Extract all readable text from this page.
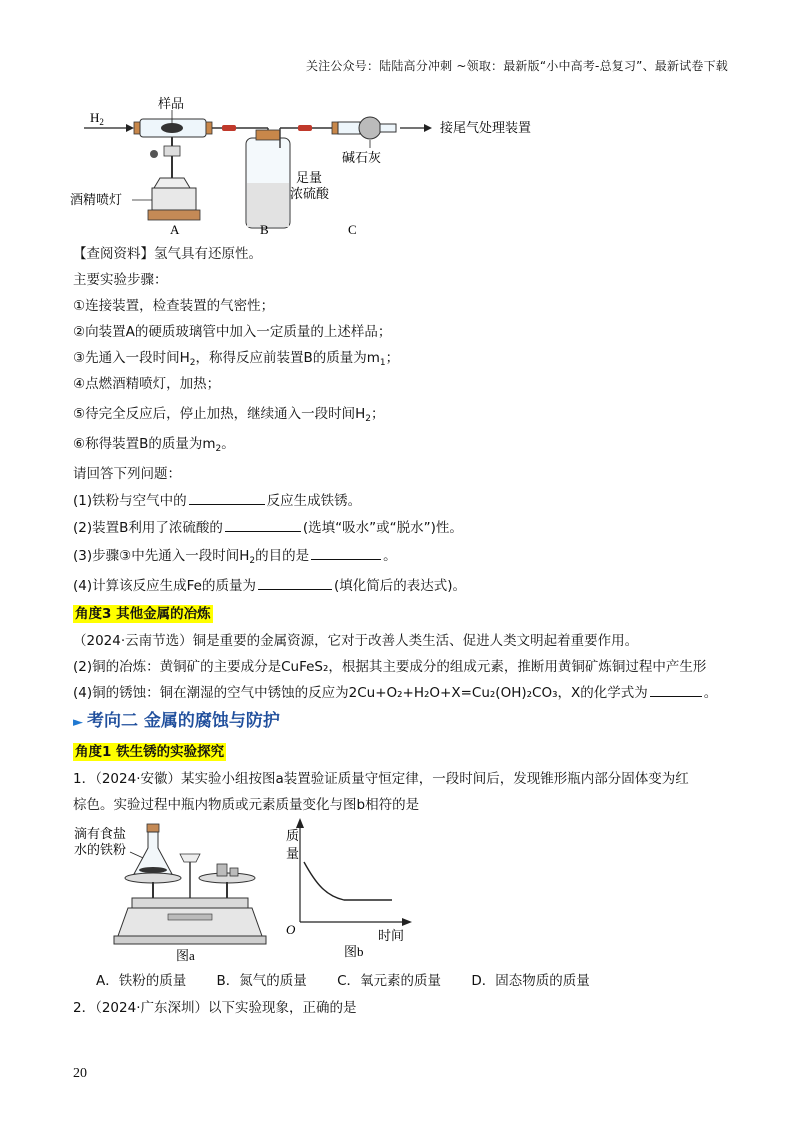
关注公众号：陆陆高分冲刺 ~领取：最新版“小中高考-总复习”、最新试卷下载
$H_2$
样品
酒精喷灯
足量
浓硫酸
碱石灰
接尾气处理装置
A	B	C
【查阅资料】氢气具有还原性。
主要实验步骤：
①连接装置，检查装置的气密性；
②向装置A的硬质玻璃管中加入一定质量的上述样品；
③先通入一段时间$H_2$，称得反应前装置B的质量为$m_1$；
④点燃酒精喷灯，加热；
⑤待完全反应后，停止加热，继续通入一段时间$H_2$；
⑥称得装置B的质量为$m_2$。
请回答下列问题：
(1)铁粉与空气中的	反应生成铁锈。
(2)装置B利用了浓硫酸的	(选填“吸水”或“脱水”)性。
(3)步骤③中先通入一段时间$H_2$的目的是	。
(4)计算该反应生成Fe的质量为	(填化简后的表达式)。
角度3 其他金属的冶炼
（2024·云南节选）铜是重要的金属资源，它对于改善人类生活、促进人类文明起着重要作用。
(2)铜的冶炼：黄铜矿的主要成分是CuFeS₂，根据其主要成分的组成元素，推断用黄铜矿炼铜过程中产生形
(4)铜的锈蚀：铜在潮湿的空气中锈蚀的反应为2Cu+O₂+H₂O+X=Cu₂(OH)₂CO₃，X的化学式为	。
► 考向二 金属的腐蚀与防护
角度1 铁生锈的实验探究
1．（2024·安徽）某实验小组按图a装置验证质量守恒定律，一段时间后，发现锥形瓶内部分固体变为红
棕色。实验过程中瓶内物质或元素质量变化与图b相符的是
滴有食盐
水的铁粉
图a
质
量
O	时间
图b
A．铁粉的质量 B．氮气的质量 C．氧元素的质量 D．固态物质的质量
2．（2024·广东深圳）以下实验现象，正确的是
20
